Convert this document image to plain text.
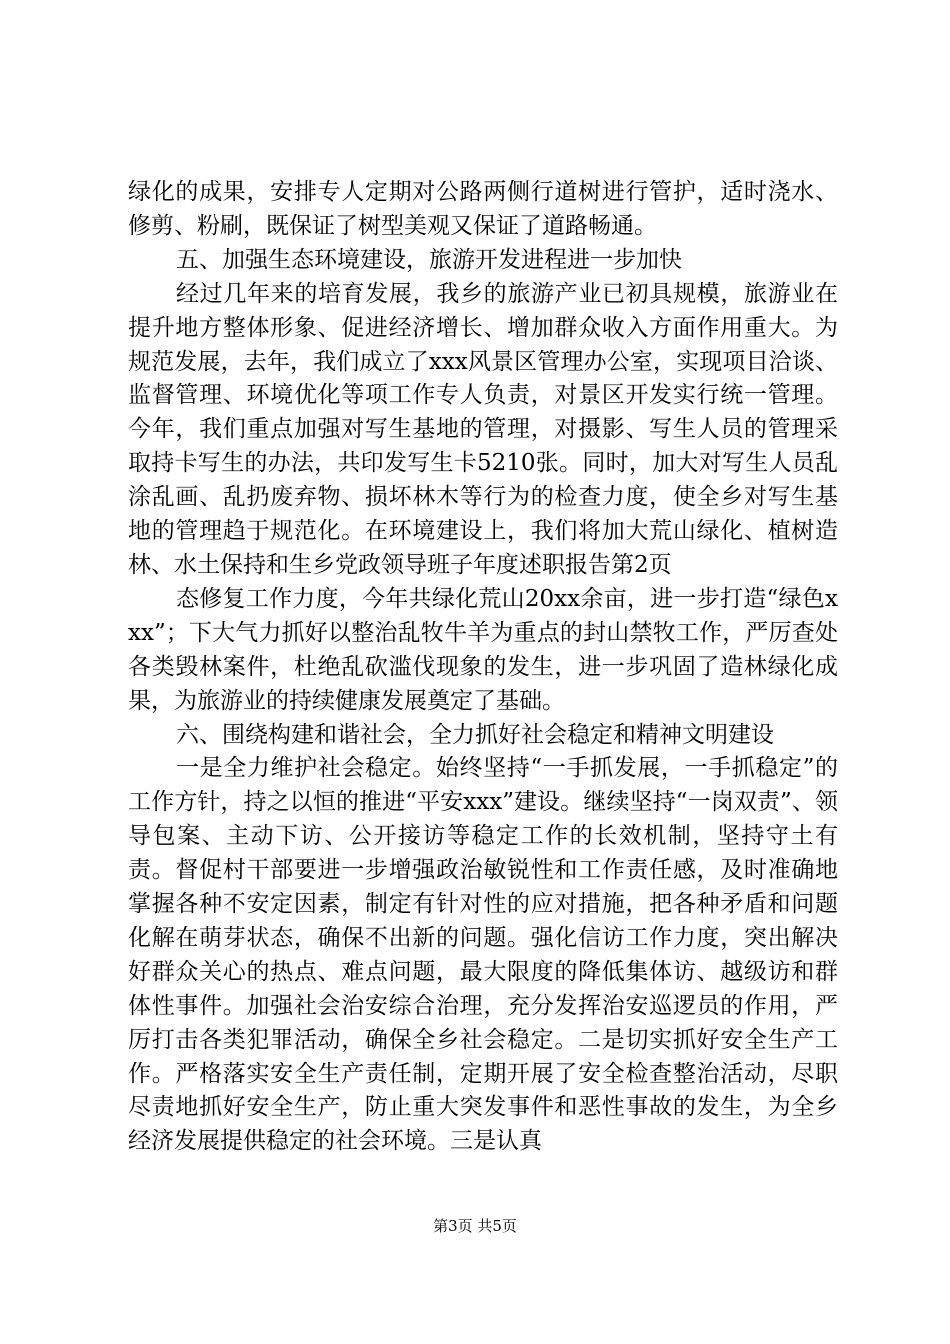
绿化的成果，安排专人定期对公路两侧行道树进行管护，适时浇水、修剪、粉刷，既保证了树型美观又保证了道路畅通。

五、加强生态环境建设，旅游开发进程进一步加快

经过几年来的培育发展，我乡的旅游产业已初具规模，旅游业在提升地方整体形象、促进经济增长、增加群众收入方面作用重大。为规范发展，去年，我们成立了xxx风景区管理办公室，实现项目洽谈、监督管理、环境优化等项工作专人负责，对景区开发实行统一管理。今年，我们重点加强对写生基地的管理，对摄影、写生人员的管理采取持卡写生的办法，共印发写生卡5210张。同时，加大对写生人员乱涂乱画、乱扔废弃物、损坏林木等行为的检查力度，使全乡对写生基地的管理趋于规范化。在环境建设上，我们将加大荒山绿化、植树造林、水土保持和生乡党政领导班子年度述职报告第2页

态修复工作力度，今年共绿化荒山20xx余亩，进一步打造“绿色xxx”；下大气力抓好以整治乱牧牛羊为重点的封山禁牧工作，严厉查处各类毁林案件，杜绝乱砍滥伐现象的发生，进一步巩固了造林绿化成果，为旅游业的持续健康发展奠定了基础。

六、围绕构建和谐社会，全力抓好社会稳定和精神文明建设

一是全力维护社会稳定。始终坚持“一手抓发展，一手抓稳定”的工作方针，持之以恒的推进“平安xxx”建设。继续坚持“一岗双责”、领导包案、主动下访、公开接访等稳定工作的长效机制，坚持守土有责。督促村干部要进一步增强政治敏锐性和工作责任感，及时准确地掌握各种不安定因素，制定有针对性的应对措施，把各种矛盾和问题化解在萌芽状态，确保不出新的问题。强化信访工作力度，突出解决好群众关心的热点、难点问题，最大限度的降低集体访、越级访和群体性事件。加强社会治安综合治理，充分发挥治安巡逻员的作用，严厉打击各类犯罪活动，确保全乡社会稳定。二是切实抓好安全生产工作。严格落实安全生产责任制，定期开展了安全检查整治活动，尽职尽责地抓好安全生产，防止重大突发事件和恶性事故的发生，为全乡经济发展提供稳定的社会环境。三是认真

第3页 共5页
